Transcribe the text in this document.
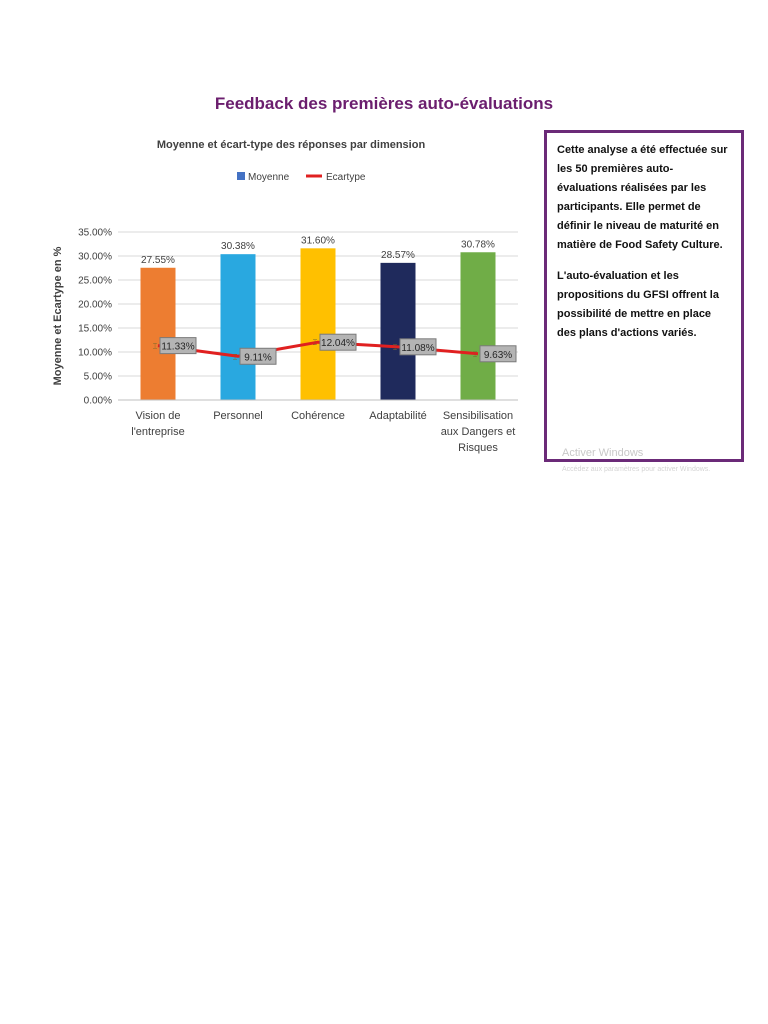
Feedback des premières auto-évaluations
Moyenne et écart-type des réponses par dimension
Moyenne	Ecartype
Moyenne et Ecartype en %
0.00%
5.00%
10.00%
15.00%
20.00%
25.00%
30.00%
35.00%
27.55%
30.38%
31.60%
28.57%
30.78%
⌶ 11.33%
⌶ 9.11%
⌶ 12.04%	⌶ 11.08%
⌶ 9.63%
Vision de
l'entreprise
Personnel	Cohérence Adaptabilité Sensibilisation
aux Dangers et
Risques

Cette analyse a été effectuée sur les 50 premières auto-évaluations réalisées par les participants. Elle permet de définir le niveau de maturité en matière de Food Safety Culture.

L'auto-évaluation et les propositions du GFSI offrent la possibilité de mettre en place des plans d'actions variés.

Activer Windows
Accédez aux paramètres pour activer Windows.
